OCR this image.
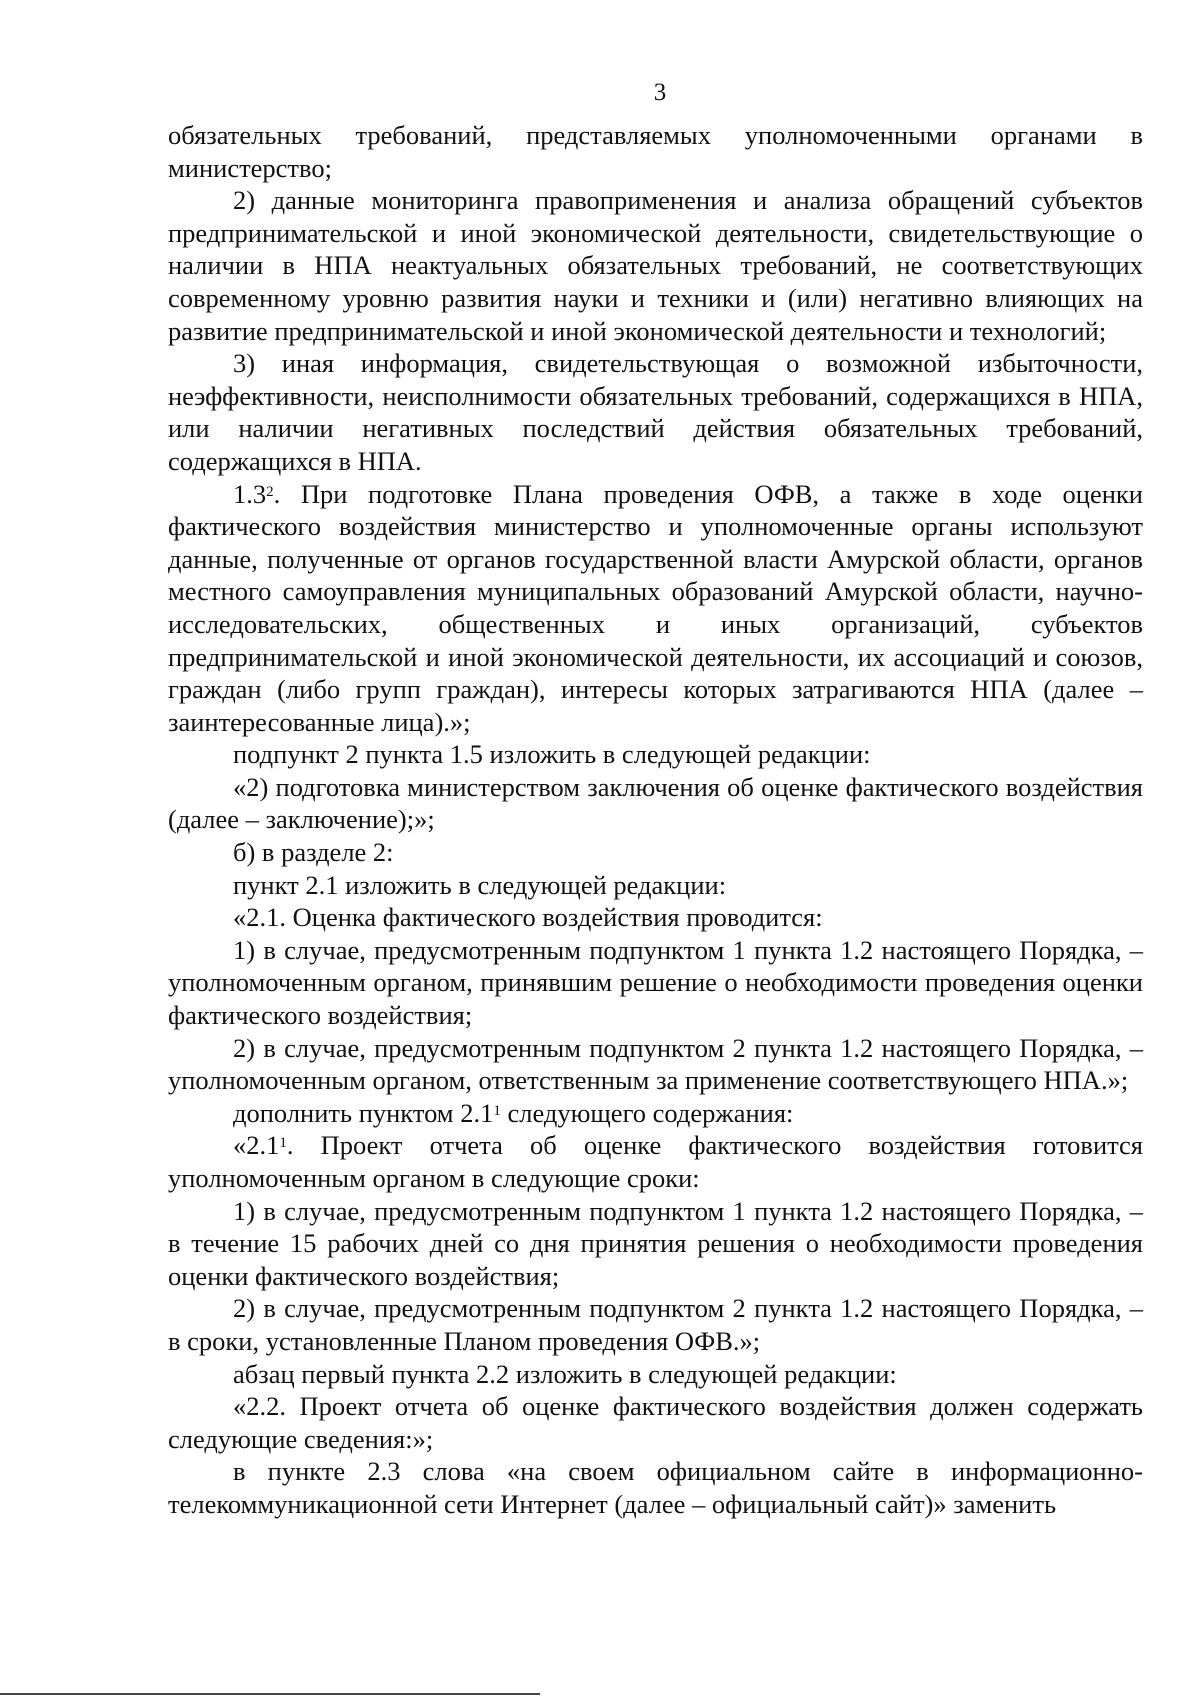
3

обязательных требований, представляемых уполномоченными органами в министерство;

2) данные мониторинга правоприменения и анализа обращений субъектов предпринимательской и иной экономической деятельности, свидетельствующие о наличии в НПА неактуальных обязательных требований, не соответствующих современному уровню развития науки и техники и (или) негативно влияющих на развитие предпринимательской и иной экономической деятельности и технологий;

3) иная информация, свидетельствующая о возможной избыточности, неэффективности, неисполнимости обязательных требований, содержащихся в НПА, или наличии негативных последствий действия обязательных требований, содержащихся в НПА.

$1.3^2$. При подготовке Плана проведения ОФВ, а также в ходе оценки фактического воздействия министерство и уполномоченные органы используют данные, полученные от органов государственной власти Амурской области, органов местного самоуправления муниципальных образований Амурской области, научно-исследовательских, общественных и иных организаций, субъектов предпринимательской и иной экономической деятельности, их ассоциаций и союзов, граждан (либо групп граждан), интересы которых затрагиваются НПА (далее – заинтересованные лица).»;

подпункт 2 пункта 1.5 изложить в следующей редакции:

«2) подготовка министерством заключения об оценке фактического воздействия (далее – заключение);»;

б) в разделе 2:

пункт 2.1 изложить в следующей редакции:

«2.1. Оценка фактического воздействия проводится:

1) в случае, предусмотренным подпунктом 1 пункта 1.2 настоящего Порядка, – уполномоченным органом, принявшим решение о необходимости проведения оценки фактического воздействия;

2) в случае, предусмотренным подпунктом 2 пункта 1.2 настоящего Порядка, – уполномоченным органом, ответственным за применение соответствующего НПА.»;

дополнить пунктом $2.1^1$ следующего содержания:

«$2.1^1$. Проект отчета об оценке фактического воздействия готовится уполномоченным органом в следующие сроки:

1) в случае, предусмотренным подпунктом 1 пункта 1.2 настоящего Порядка, – в течение 15 рабочих дней со дня принятия решения о необходимости проведения оценки фактического воздействия;

2) в случае, предусмотренным подпунктом 2 пункта 1.2 настоящего Порядка, – в сроки, установленные Планом проведения ОФВ.»;

абзац первый пункта 2.2 изложить в следующей редакции:

«2.2. Проект отчета об оценке фактического воздействия должен содержать следующие сведения:»;

в пункте 2.3 слова «на своем официальном сайте в информационно-телекоммуникационной сети Интернет (далее – официальный сайт)» заменить
